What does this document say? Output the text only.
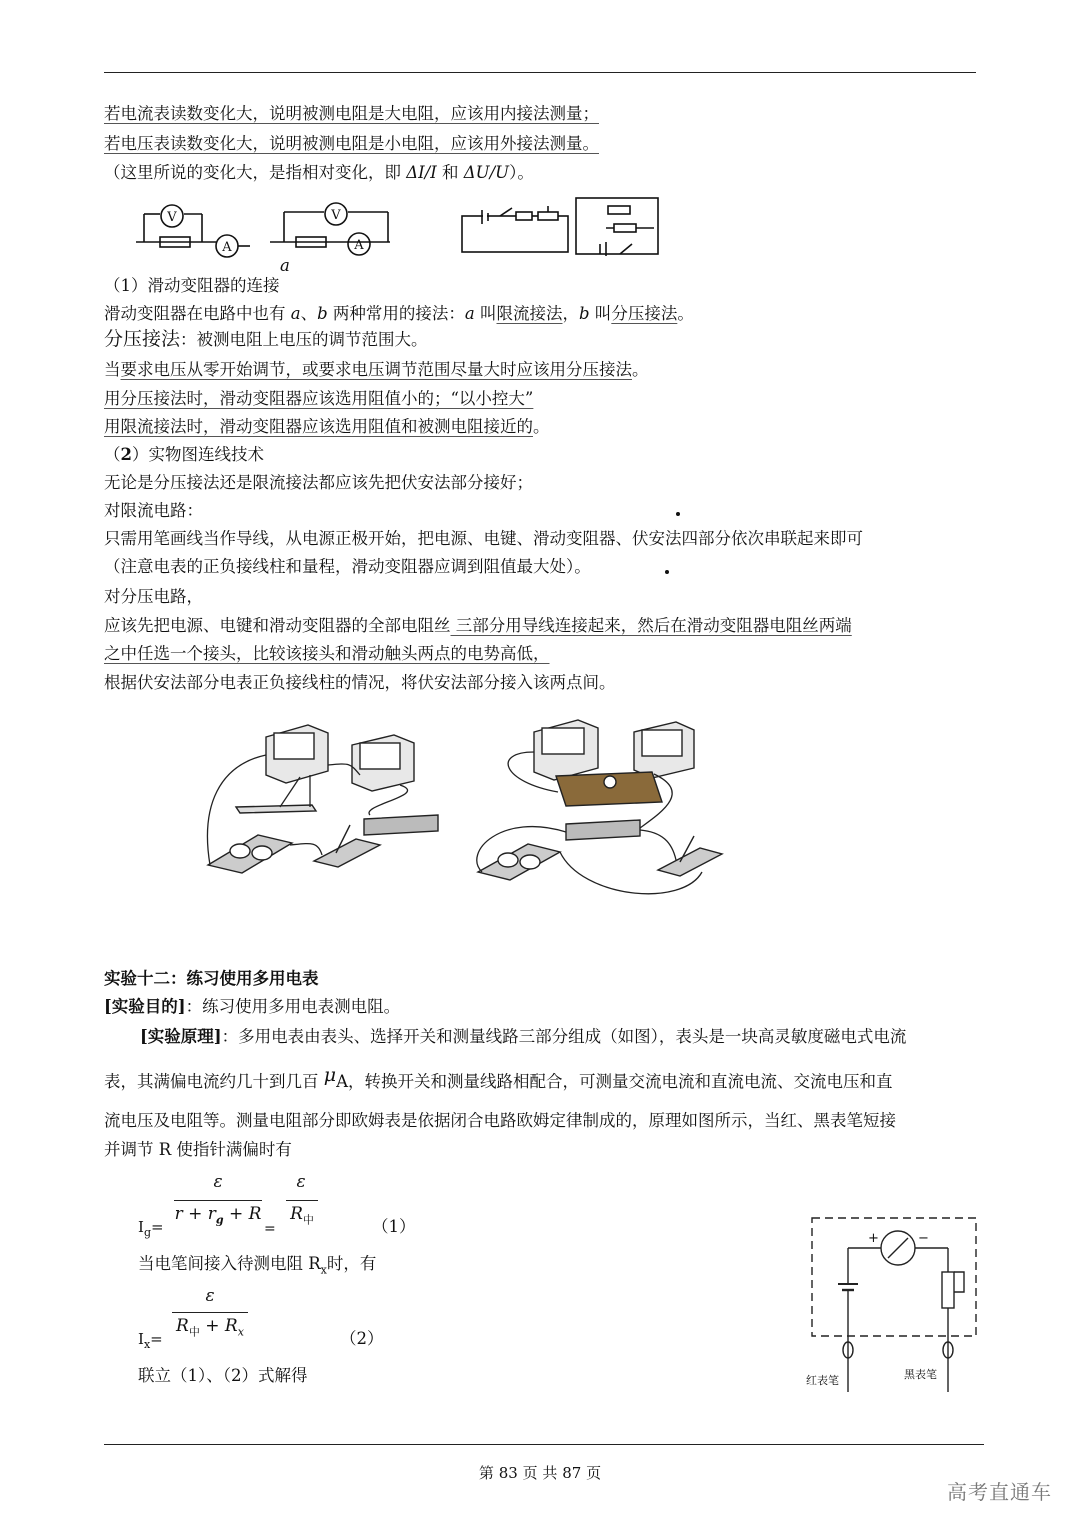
若电流表读数变化大，说明被测电阻是大电阻，应该用内接法测量；
若电压表读数变化大，说明被测电阻是小电阻，应该用外接法测量。
（这里所说的变化大，是指相对变化，即 ΔI/I 和 ΔU/U）。
V
A
V
A
a
（1）滑动变阻器的连接
滑动变阻器在电路中也有 a、b 两种常用的接法：a 叫限流接法，b 叫分压接法。
分压接法：被测电阻上电压的调节范围大。
当要求电压从零开始调节，或要求电压调节范围尽量大时应该用分压接法。
用分压接法时，滑动变阻器应该选用阻值小的；“以小控大”
用限流接法时，滑动变阻器应该选用阻值和被测电阻接近的。
（2）实物图连线技术
无论是分压接法还是限流接法都应该先把伏安法部分接好；
对限流电路：
只需用笔画线当作导线，从电源正极开始，把电源、电键、滑动变阻器、伏安法四部分依次串联起来即可
（注意电表的正负接线柱和量程，滑动变阻器应调到阻值最大处）。
对分压电路，
应该先把电源、电键和滑动变阻器的全部电阻丝 三部分用导线连接起来，然后在滑动变阻器电阻丝两端
之中任选一个接头，比较该接头和滑动触头两点的电势高低，
根据伏安法部分电表正负接线柱的情况，将伏安法部分接入该两点间。
实验十二：练习使用多用电表
[实验目的]：练习使用多用电表测电阻。
[实验原理]：多用电表由表头、选择开关和测量线路三部分组成（如图），表头是一块高灵敏度磁电式电流
表，其满偏电流约几十到几百 μA，转换开关和测量线路相配合，可测量交流电流和直流电流、交流电压和直
流电压及电阻等。测量电阻部分即欧姆表是依据闭合电路欧姆定律制成的，原理如图所示，当红、黑表笔短接
并调节 R 使指针满偏时有
$I_g=$
ε
$r + r_g + R$
=
ε
$R_中$	（1）
当电笔间接入待测电阻 $R_x$时，有
$I_x=$
ε
$R_中 + R_x$	（2）
联立（1）、（2）式解得
+	−
红表笔	黑表笔
第 83 页 共 87 页
高考直通车
